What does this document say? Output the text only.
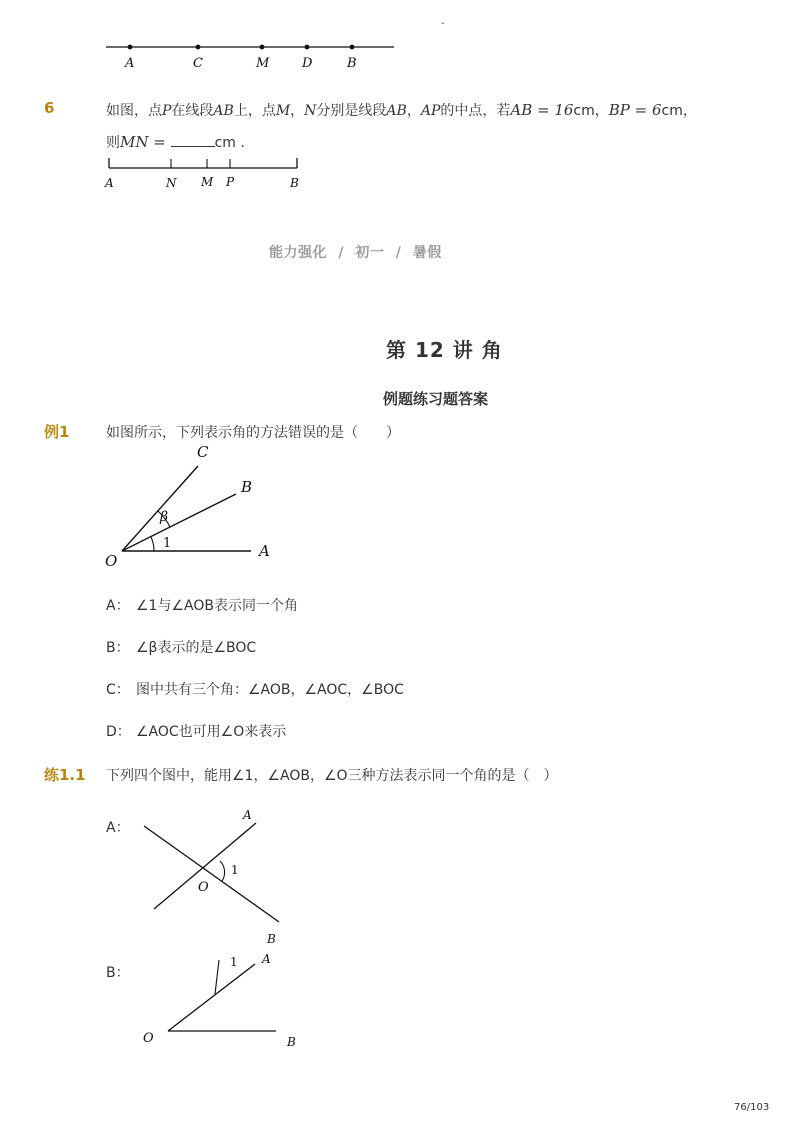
-
A	C	M	D	B
6	如图，点P在线段AB上，点M，N分别是线段AB，AP的中点，若AB = 16cm，BP = 6cm，
则MN =	cm .
A	N M P	B
能力强化 / 初一 / 暑假
第 12 讲 角
例题练习题答案
例1	如图所示，下列表示角的方法错误的是（　　）
C
B
O
A
β
1
A： ∠1与∠AOB表示同一个角
B： ∠β表示的是∠BOC
C： 图中共有三个角：∠AOB，∠AOC，∠BOC
D： ∠AOC也可用∠O来表示
练1.1 下列四个图中，能用∠1，∠AOB，∠O三种方法表示同一个角的是（　）
A：
A
O
B
1
B：
A
O	B
1
76/103
